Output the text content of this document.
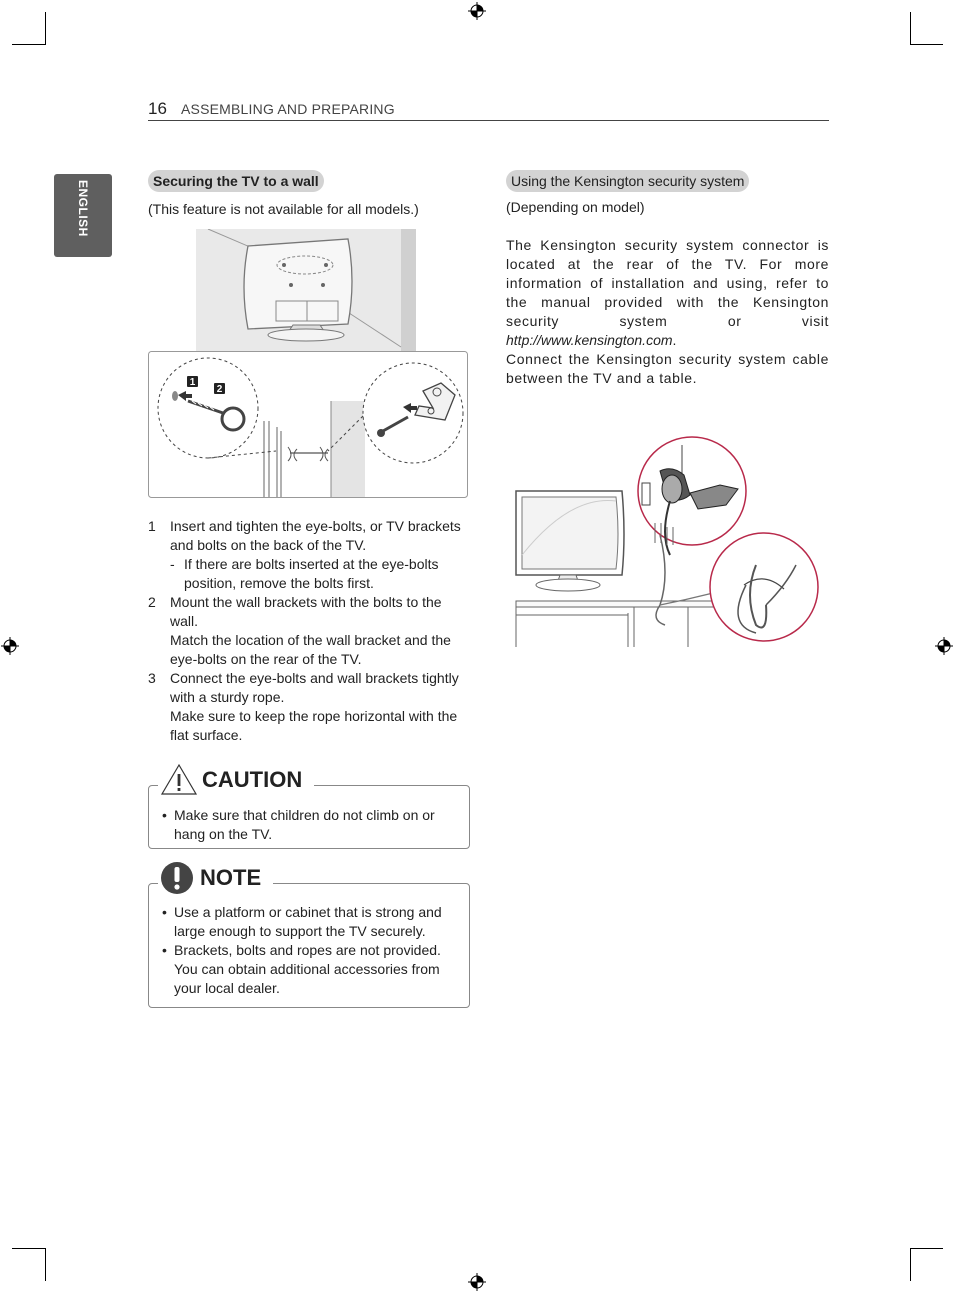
16 ASSEMBLING AND PREPARING
ENGLISH	Securing the TV to a wall
(This feature is not available for all models.)
1
2
1 Insert and tighten the eye-bolts, or TV brackets and bolts on the back of the TV.
- If there are bolts inserted at the eye-bolts position, remove the bolts first.
2 Mount the wall brackets with the bolts to the wall.
Match the location of the wall bracket and the eye-bolts on the rear of the TV.
3 Connect the eye-bolts and wall brackets tightly with a sturdy rope.
Make sure to keep the rope horizontal with the flat surface.
• Make sure that children do not climb on or hang on the TV.
CAUTION
• Use a platform or cabinet that is strong and large enough to support the TV securely.
• Brackets, bolts and ropes are not provided. You can obtain additional accessories from your local dealer.
NOTE
Using the Kensington security system
(Depending on model)
The Kensington security system connector is located at the rear of the TV. For more information of installation and using, refer to the manual provided with the Kensington security system or visit http://www.kensington.com.
Connect the Kensington security system cable between the TV and a table.
